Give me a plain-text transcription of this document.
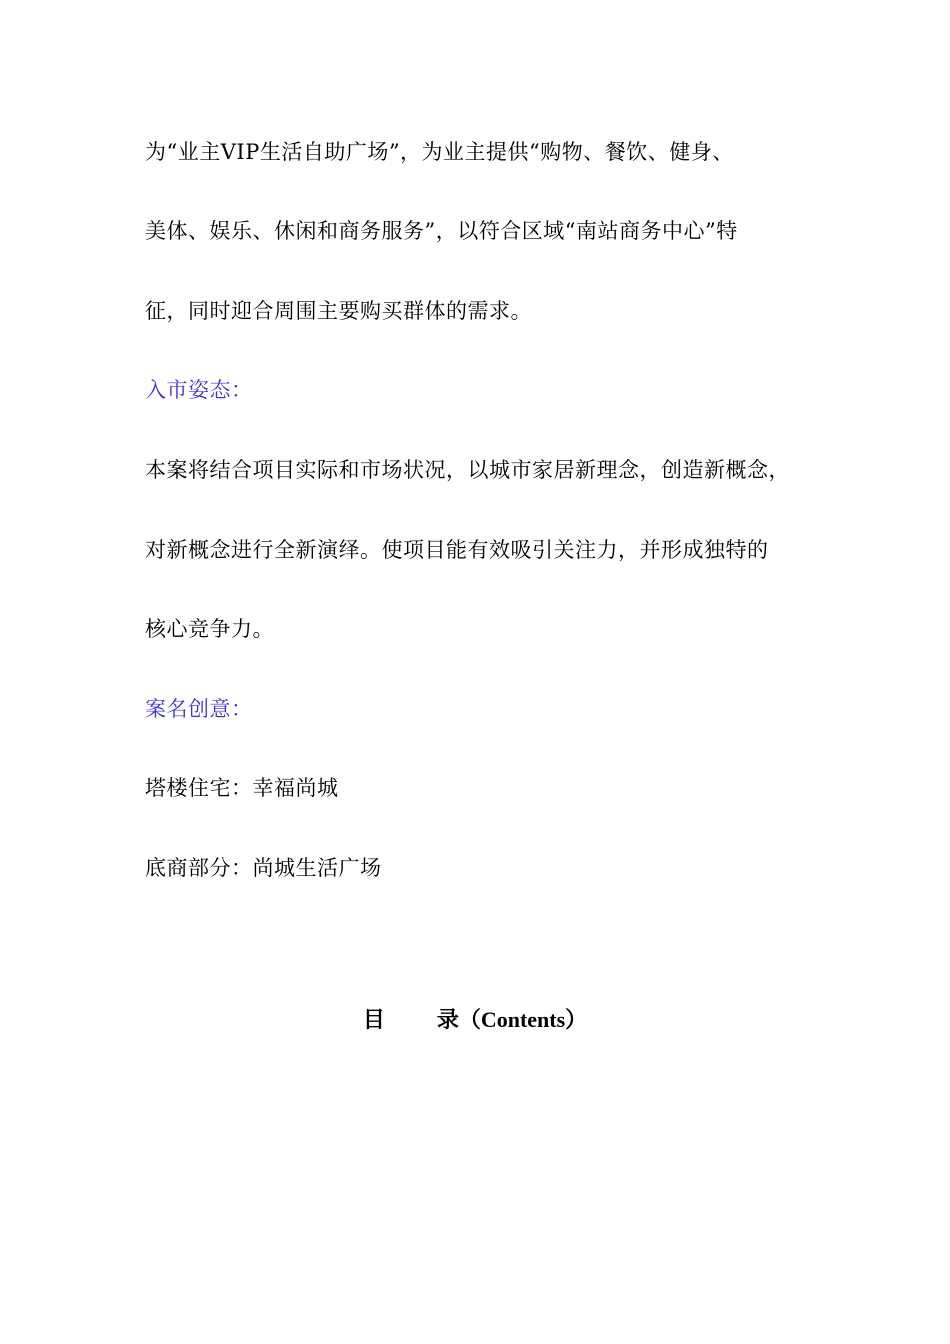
为“业主VIP生活自助广场”，为业主提供“购物、餐饮、健身、
美体、娱乐、休闲和商务服务”，以符合区域“南站商务中心”特
征，同时迎合周围主要购买群体的需求。
入市姿态：
本案将结合项目实际和市场状况，以城市家居新理念，创造新概念，
对新概念进行全新演绎。使项目能有效吸引关注力，并形成独特的
核心竞争力。
案名创意：
塔楼住宅：幸福尚城
底商部分：尚城生活广场
目 录（Contents）
